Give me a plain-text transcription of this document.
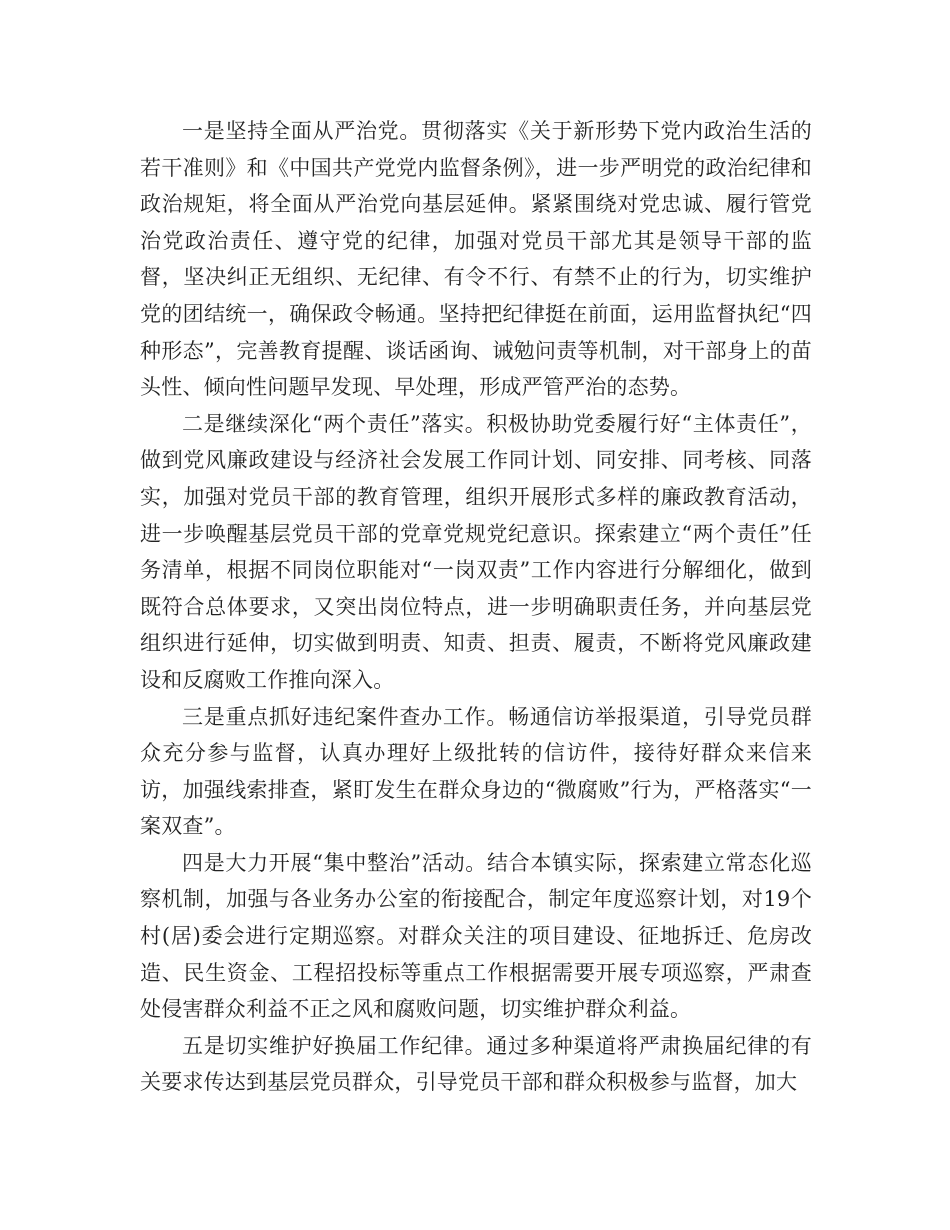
一是坚持全面从严治党。贯彻落实《关于新形势下党内政治生活的若干准则》和《中国共产党党内监督条例》，进一步严明党的政治纪律和政治规矩，将全面从严治党向基层延伸。紧紧围绕对党忠诚、履行管党治党政治责任、遵守党的纪律，加强对党员干部尤其是领导干部的监督，坚决纠正无组织、无纪律、有令不行、有禁不止的行为，切实维护党的团结统一，确保政令畅通。坚持把纪律挺在前面，运用监督执纪“四种形态”，完善教育提醒、谈话函询、诫勉问责等机制，对干部身上的苗头性、倾向性问题早发现、早处理，形成严管严治的态势。

二是继续深化“两个责任”落实。积极协助党委履行好“主体责任”， 做到党风廉政建设与经济社会发展工作同计划、同安排、同考核、同落实，加强对党员干部的教育管理，组织开展形式多样的廉政教育活动，进一步唤醒基层党员干部的党章党规党纪意识。探索建立“两个责任”任务清单，根据不同岗位职能对“一岗双责”工作内容进行分解细化，做到既符合总体要求，又突出岗位特点，进一步明确职责任务，并向基层党组织进行延伸，切实做到明责、知责、担责、履责，不断将党风廉政建设和反腐败工作推向深入。

三是重点抓好违纪案件查办工作。畅通信访举报渠道，引导党员群众充分参与监督，认真办理好上级批转的信访件，接待好群众来信来访，加强线索排查，紧盯发生在群众身边的“微腐败”行为，严格落实“一案双查”。

四是大力开展“集中整治”活动。结合本镇实际，探索建立常态化巡察机制，加强与各业务办公室的衔接配合，制定年度巡察计划，对19个村(居)委会进行定期巡察。对群众关注的项目建设、征地拆迁、危房改造、民生资金、工程招投标等重点工作根据需要开展专项巡察，严肃查处侵害群众利益不正之风和腐败问题，切实维护群众利益。

五是切实维护好换届工作纪律。通过多种渠道将严肃换届纪律的有关要求传达到基层党员群众，引导党员干部和群众积极参与监督，加大
